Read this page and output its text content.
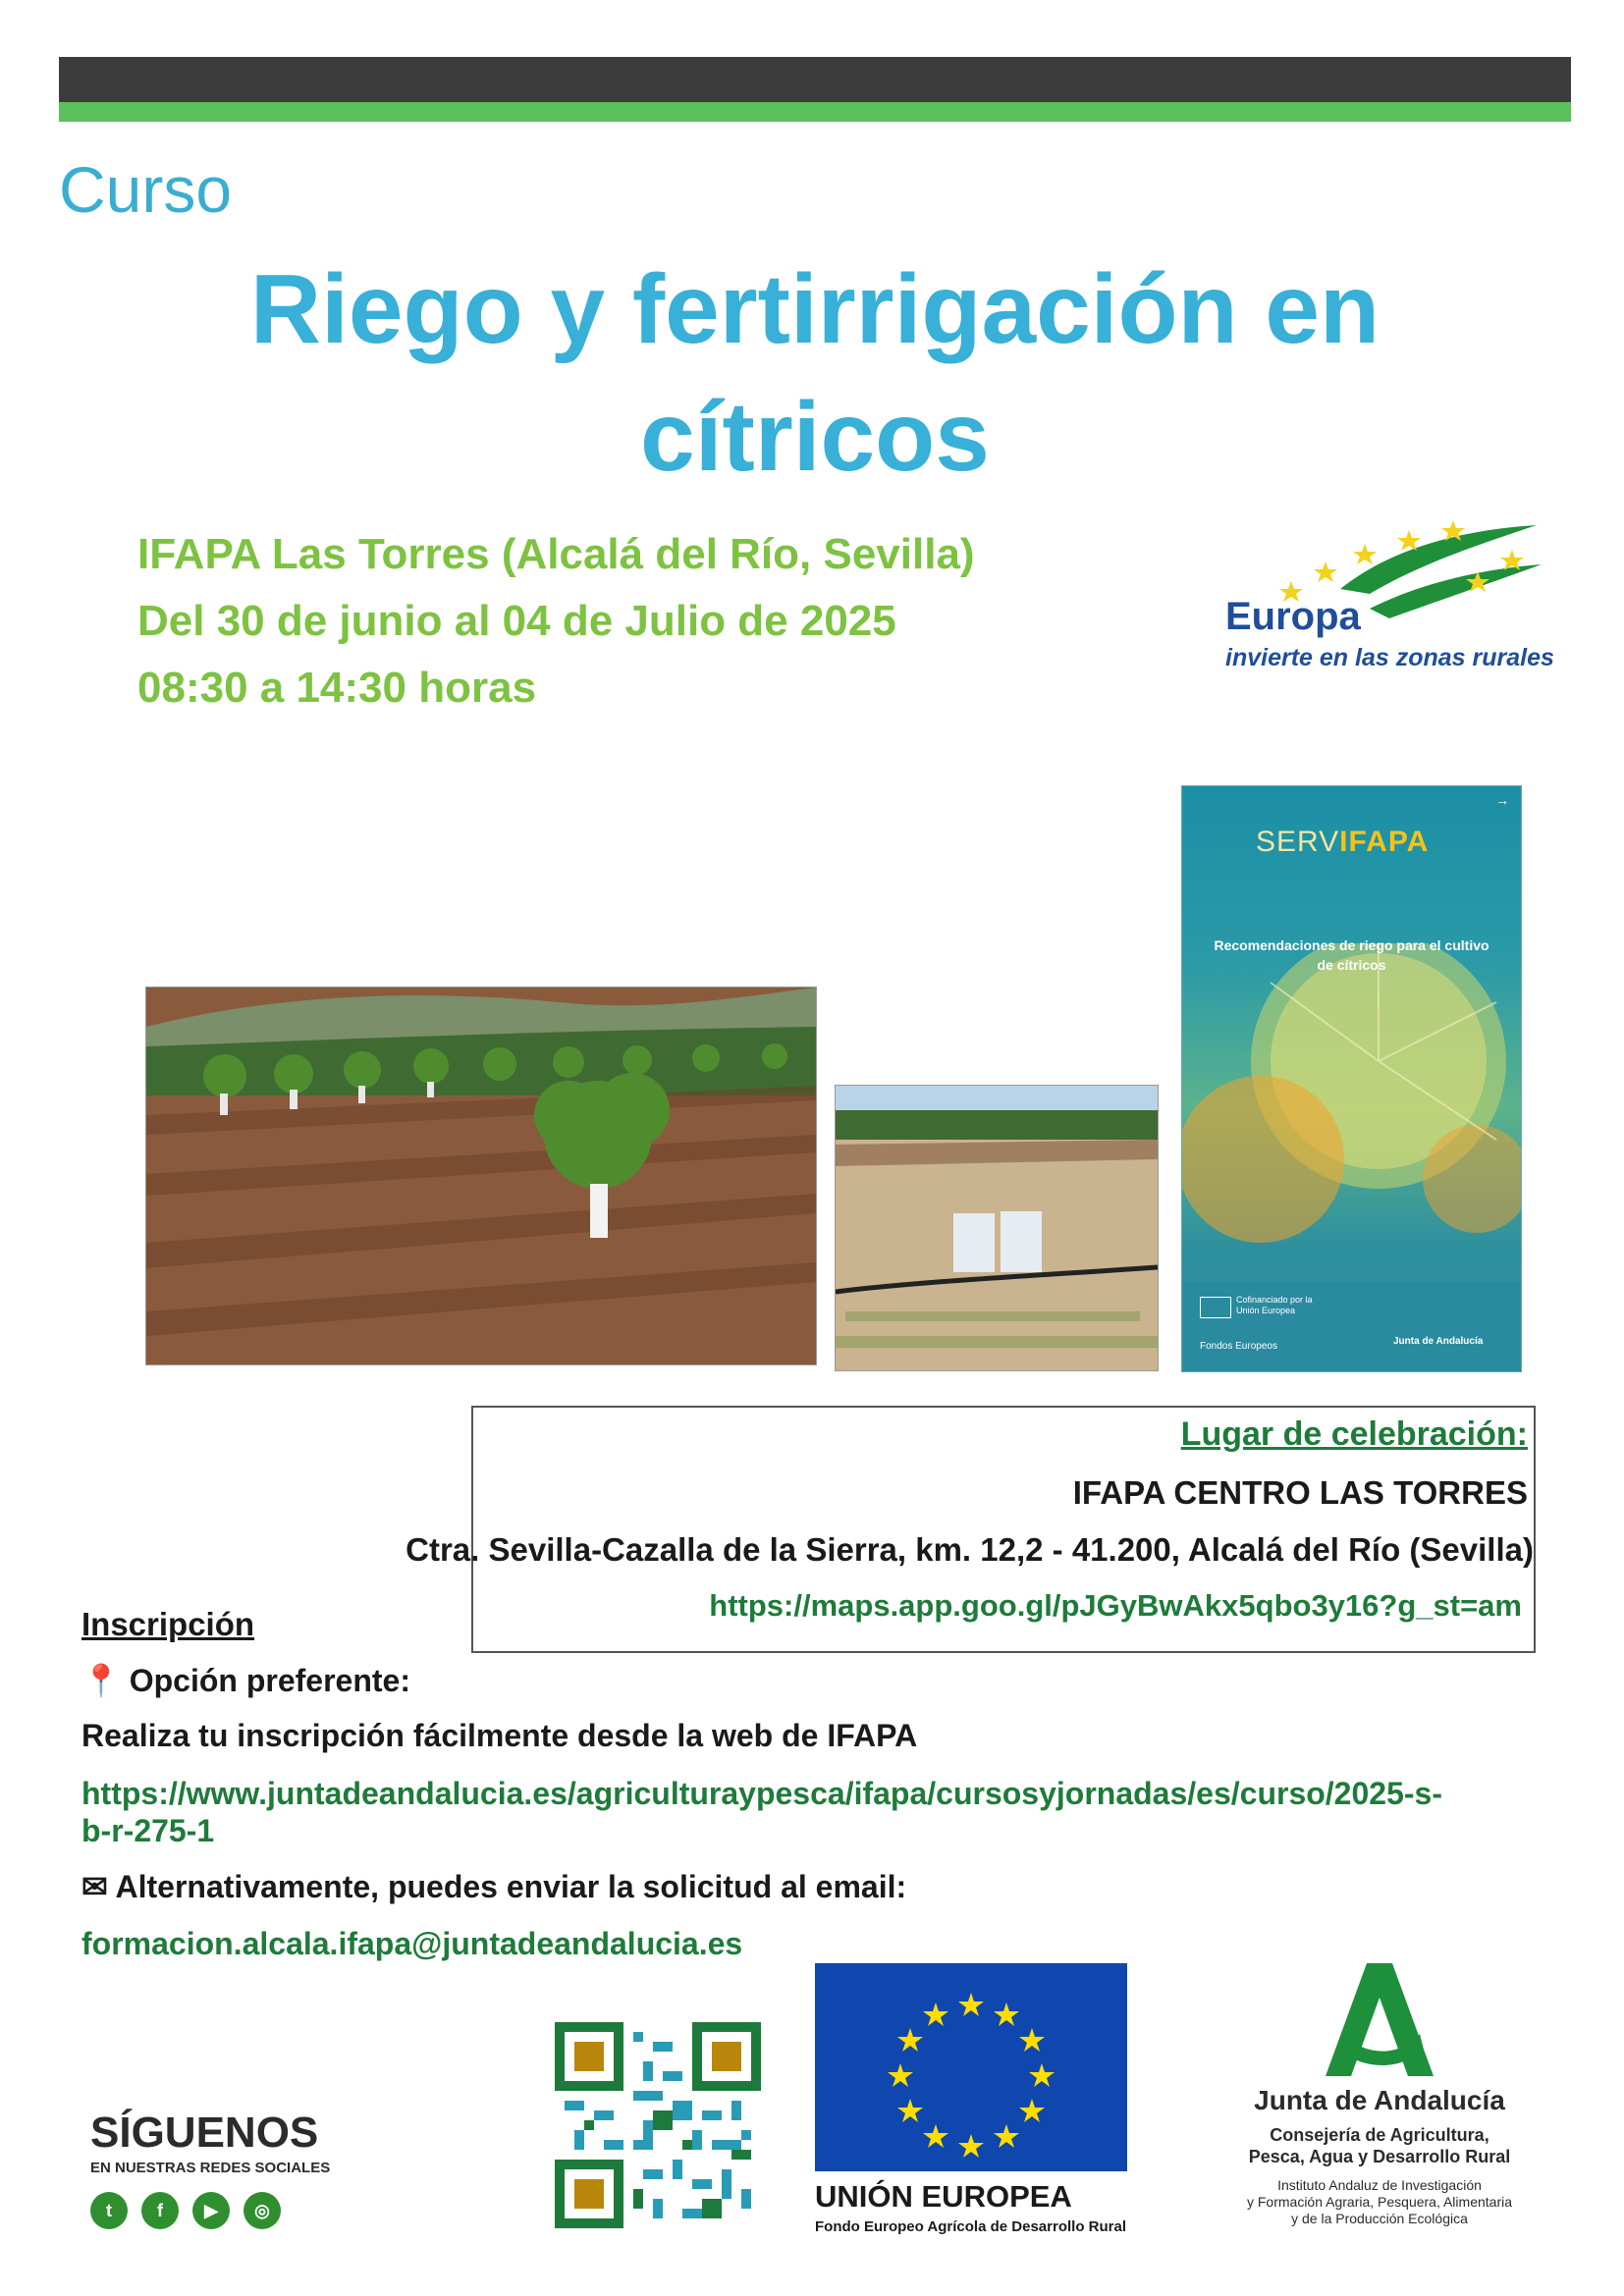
Curso
Riego y fertirrigación en
cítricos
IFAPA Las Torres (Alcalá del Río, Sevilla)
Del 30 de junio al 04 de Julio de 2025
08:30 a 14:30 horas
Europa
invierte en las zonas rurales
→
SERVIFAPA
Recomendaciones de riego para el cultivo
de cítricos
Cofinanciado por la Unión Europea
Fondos Europeos	Junta de Andalucía
Lugar de celebración:
IFAPA CENTRO LAS TORRES
Ctra. Sevilla-Cazalla de la Sierra, km. 12,2 - 41.200, Alcalá del Río (Sevilla)
https://maps.app.goo.gl/pJGyBwAkx5qbo3y16?g_st=am
Inscripción
📍 Opción preferente:
Realiza tu inscripción fácilmente desde la web de IFAPA
https://www.juntadeandalucia.es/agriculturaypesca/ifapa/cursosyjornadas/es/curso/2025-s-
b-r-275-1
✉ Alternativamente, puedes enviar la solicitud al email:
formacion.alcala.ifapa@juntadeandalucia.es
SÍGUENOS
EN NUESTRAS REDES SOCIALES
t	f	▶	◎	UNIÓN EUROPEA
Fondo Europeo Agrícola de Desarrollo Rural
Junta de Andalucía
Consejería de Agricultura,
Pesca, Agua y Desarrollo Rural
Instituto Andaluz de Investigación
y Formación Agraria, Pesquera, Alimentaria
y de la Producción Ecológica
